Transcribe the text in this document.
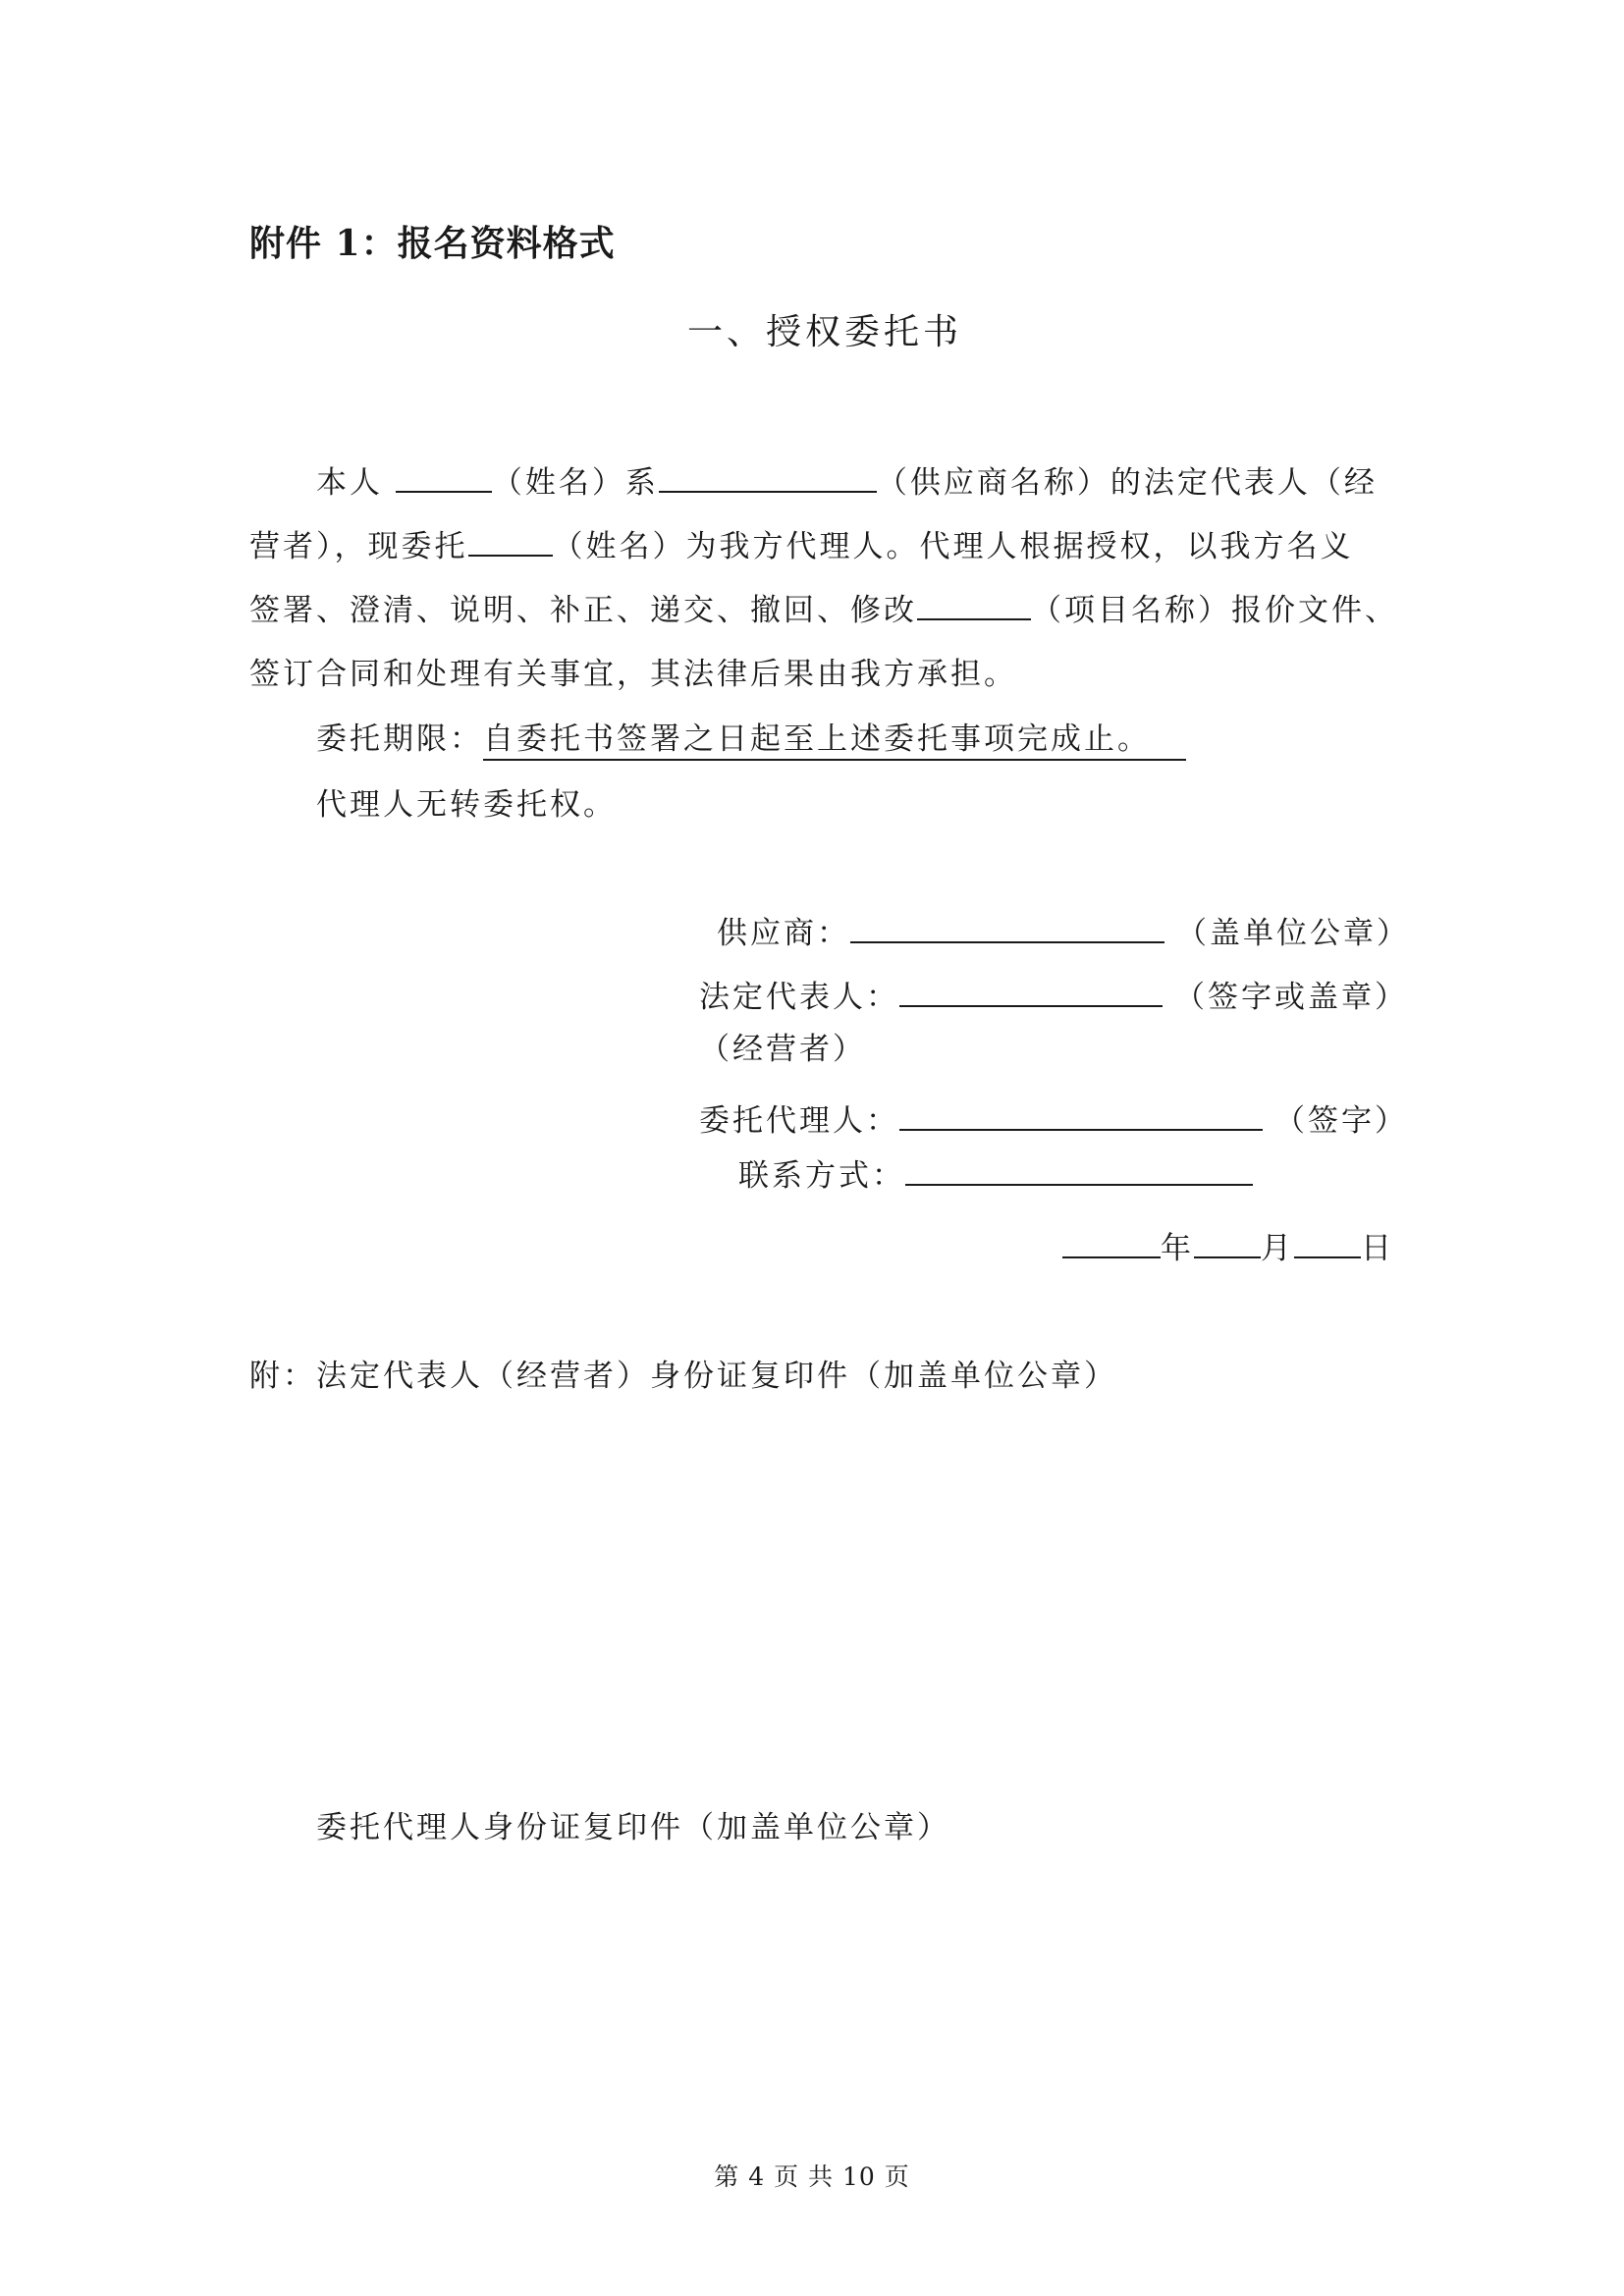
附件 1：报名资料格式
一、授权委托书
本人	（姓名）系	（供应商名称）的法定代表人（经
营者），现委托	（姓名）为我方代理人。代理人根据授权，以我方名义
签署、澄清、说明、补正、递交、撤回、修改	（项目名称）报价文件、
签订合同和处理有关事宜，其法律后果由我方承担。
委托期限：自委托书签署之日起至上述委托事项完成止。
代理人无转委托权。
供应商：	（盖单位公章）
法定代表人：	（签字或盖章）
（经营者）
委托代理人：	（签字）
联系方式：
年 月 日
附：法定代表人（经营者）身份证复印件（加盖单位公章）
委托代理人身份证复印件（加盖单位公章）
第 4 页 共 10 页
